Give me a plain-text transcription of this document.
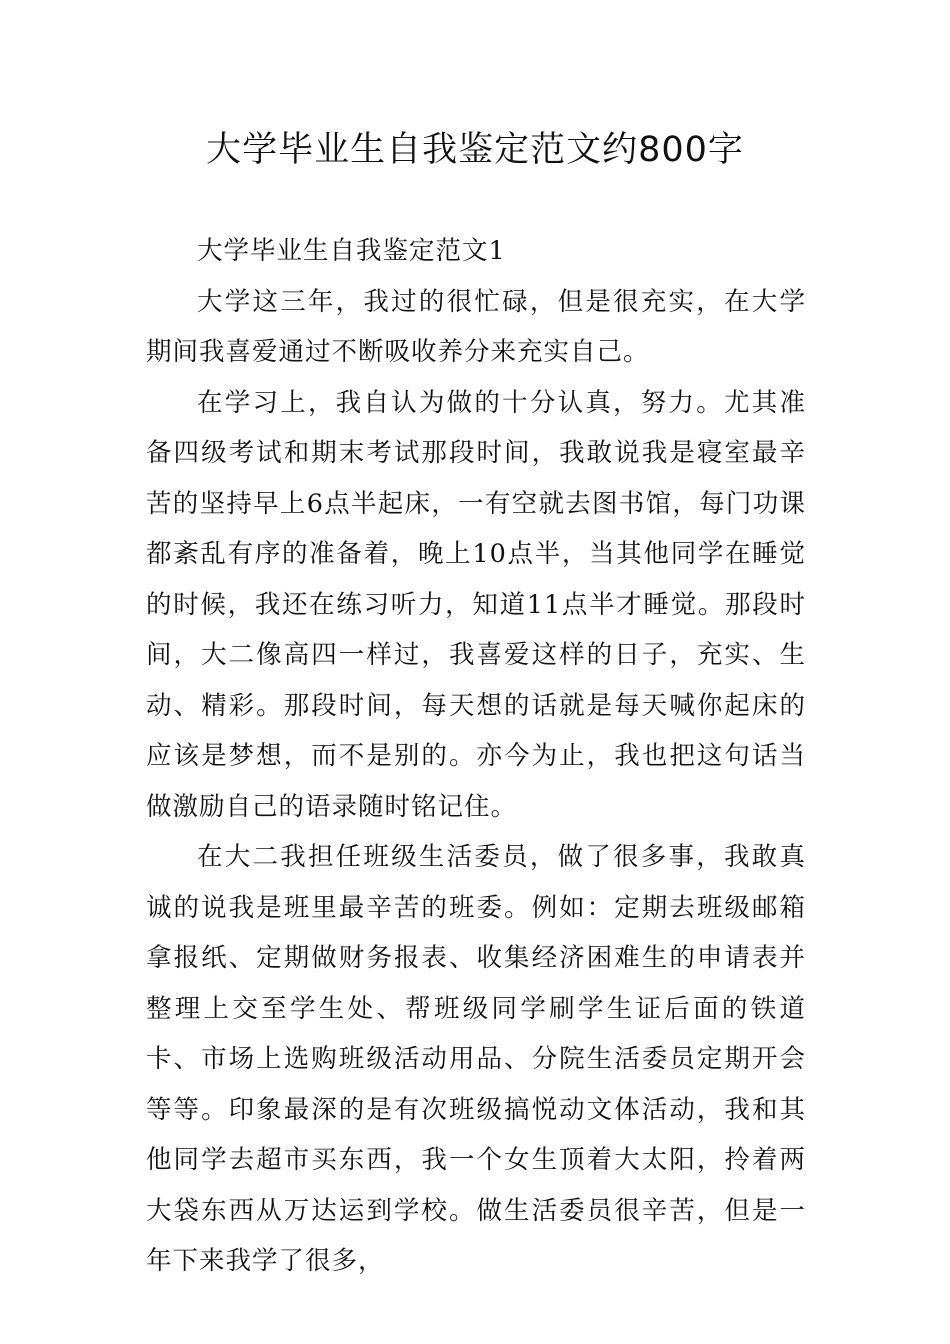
大学毕业生自我鉴定范文约800字

大学毕业生自我鉴定范文1

大学这三年，我过的很忙碌，但是很充实，在大学期间我喜爱通过不断吸收养分来充实自己。

在学习上，我自认为做的十分认真，努力。尤其准备四级考试和期末考试那段时间，我敢说我是寝室最辛苦的坚持早上6点半起床，一有空就去图书馆，每门功课都紊乱有序的准备着，晚上10点半，当其他同学在睡觉的时候，我还在练习听力，知道11点半才睡觉。那段时间，大二像高四一样过，我喜爱这样的日子，充实、生动、精彩。那段时间，每天想的话就是每天喊你起床的应该是梦想，而不是别的。亦今为止，我也把这句话当做激励自己的语录随时铭记住。

在大二我担任班级生活委员，做了很多事，我敢真诚的说我是班里最辛苦的班委。例如：定期去班级邮箱拿报纸、定期做财务报表、收集经济困难生的申请表并整理上交至学生处、帮班级同学刷学生证后面的铁道卡、市场上选购班级活动用品、分院生活委员定期开会等等。印象最深的是有次班级搞悦动文体活动，我和其他同学去超市买东西，我一个女生顶着大太阳，拎着两大袋东西从万达运到学校。做生活委员很辛苦，但是一年下来我学了很多，
